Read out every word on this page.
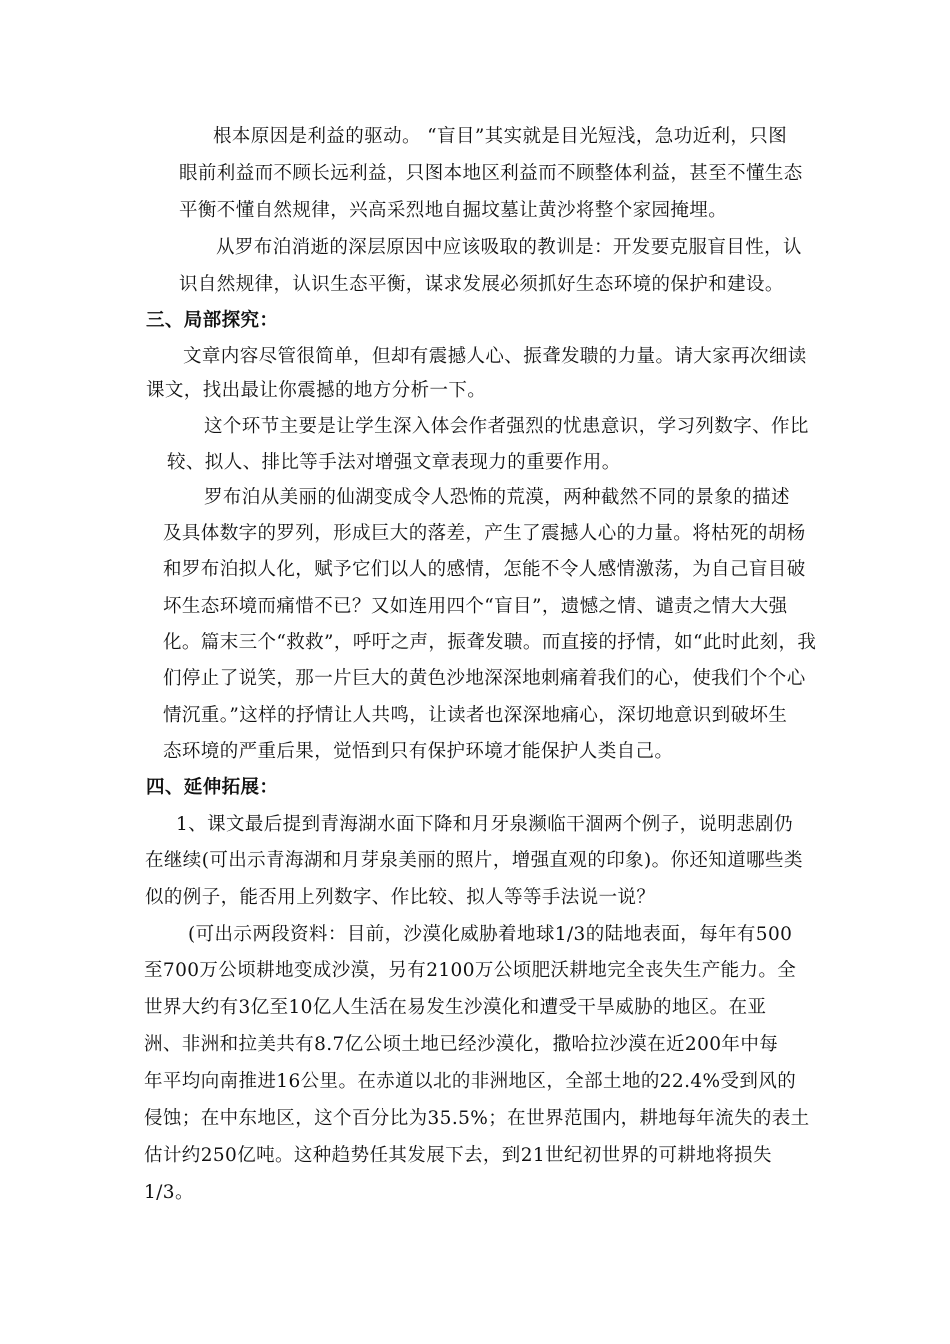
根本原因是利益的驱动。 “盲目”其实就是目光短浅，急功近利，只图
眼前利益而不顾长远利益，只图本地区利益而不顾整体利益，甚至不懂生态
平衡不懂自然规律，兴高采烈地自掘坟墓让黄沙将整个家园掩埋。
从罗布泊消逝的深层原因中应该吸取的教训是：开发要克服盲目性，认
识自然规律，认识生态平衡，谋求发展必须抓好生态环境的保护和建设。
三、局部探究：
文章内容尽管很简单，但却有震撼人心、振聋发聩的力量。请大家再次细读
课文，找出最让你震撼的地方分析一下。
这个环节主要是让学生深入体会作者强烈的忧患意识，学习列数字、作比
较、拟人、排比等手法对增强文章表现力的重要作用。
罗布泊从美丽的仙湖变成令人恐怖的荒漠，两种截然不同的景象的描述
及具体数字的罗列，形成巨大的落差，产生了震撼人心的力量。将枯死的胡杨
和罗布泊拟人化，赋予它们以人的感情，怎能不令人感情激荡，为自己盲目破
坏生态环境而痛惜不已？又如连用四个“盲目”，遗憾之情、谴责之情大大强
化。篇末三个“救救”，呼吁之声，振聋发聩。而直接的抒情，如“此时此刻，我
们停止了说笑，那一片巨大的黄色沙地深深地刺痛着我们的心，使我们个个心
情沉重。”这样的抒情让人共鸣，让读者也深深地痛心，深切地意识到破坏生
态环境的严重后果，觉悟到只有保护环境才能保护人类自己。
四、延伸拓展：
1、课文最后提到青海湖水面下降和月牙泉濒临干涸两个例子，说明悲剧仍
在继续(可出示青海湖和月芽泉美丽的照片，增强直观的印象)。你还知道哪些类
似的例子，能否用上列数字、作比较、拟人等等手法说一说？
(可出示两段资料：目前，沙漠化威胁着地球1/3的陆地表面，每年有500
至700万公顷耕地变成沙漠，另有2100万公顷肥沃耕地完全丧失生产能力。全
世界大约有3亿至10亿人生活在易发生沙漠化和遭受干旱威胁的地区。在亚
洲、非洲和拉美共有8.7亿公顷土地已经沙漠化，撒哈拉沙漠在近200年中每
年平均向南推进16公里。在赤道以北的非洲地区，全部土地的22.4%受到风的
侵蚀；在中东地区，这个百分比为35.5%；在世界范围内，耕地每年流失的表土
估计约250亿吨。这种趋势任其发展下去，到21世纪初世界的可耕地将损失
1/3。
